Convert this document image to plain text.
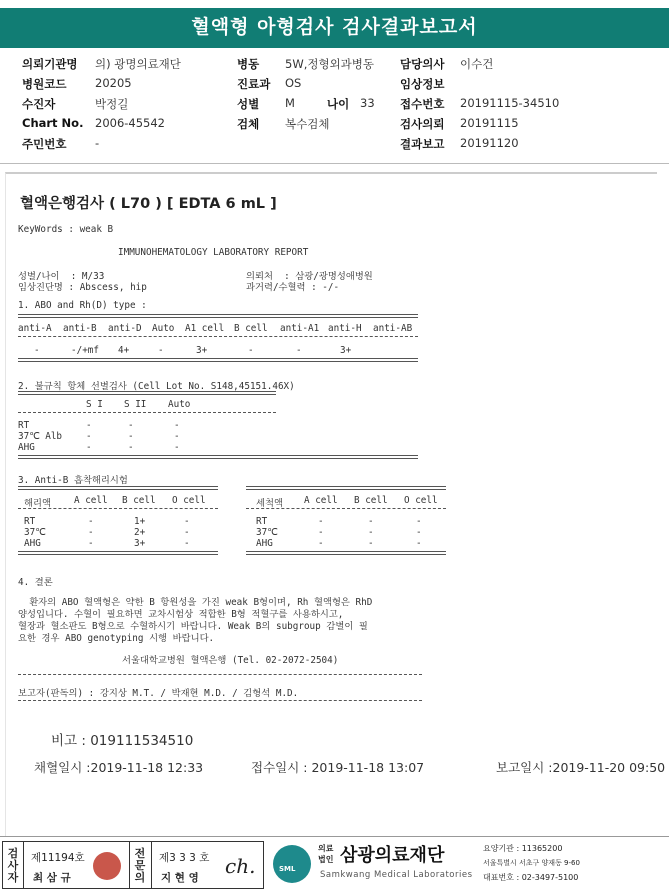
혈액형 아형검사 검사결과보고서
의뢰기관명 의) 광명의료재단
병원코드 20205
수진자	박정길
Chart No. 2006-45542
주민번호 -
병동 5W,정형외과병동
진료과 OS
성별 M	나이 33
검체 복수검체
담당의사 이수건
임상정보
접수번호 20191115-34510
검사의뢰 20191115
결과보고 20191120
혈액은행검사 ( L70 ) [ EDTA 6 mL ]
KeyWords : weak B
IMMUNOHEMATOLOGY LABORATORY REPORT
성별/나이  : M/33
임상진단명 : Abscess, hip
의뢰처  : 삼광/광명성애병원
과거력/수혈력 : -/-
1. ABO and Rh(D) type :
anti-A anti-B anti-D Auto A1 cell B cell anti-A1 anti-H anti-AB
-	-/+mf 4+	-	3+	-	-	3+
2. 불규칙 항체 선별검사 (Cell Lot No. S148,45151.46X)
S I S II Auto
RT	-	-	-
37℃ Alb	-	-	-
AHG	-	-	-
3. Anti-B 흡착해리시험
해리액 A cell B cell O cell
RT	-	1+	-
37℃	-	2+	-
AHG	-	3+	-
세척액 A cell B cell O cell
RT	-	-	-
37℃	-	-	-
AHG	-	-	-
4. 결론
환자의 ABO 혈액형은 약한 B 항원성을 가진 weak B형이며, Rh 혈액형은 RhD
양성입니다. 수혈이 필요하면 교차시험상 적합한 B형 적혈구를 사용하시고,
혈장과 혈소판도 B형으로 수혈하시기 바랍니다. Weak B의 subgroup 감별이 필
요한 경우 ABO genotyping 시행 바랍니다.
서울대학교병원 혈액은행 (Tel. 02-2072-2504)
보고자(판독의) : 강지상 M.T. / 박재현 M.D. / 김형석 M.D.
비고 : 019111534510
채혈일시 :2019-11-18 12:33	접수일시 : 2019-11-18 13:07	보고일시 :2019-11-20 09:50
검사자
제11194호
최 삼 규
전문의
제3 3 3 호
지 현 영 ch.	SML
의료
법인 삼광의료재단
Samkwang Medical Laboratories
요양기관 : 11365200
서울특별시 서초구 양재동 9-60
대표번호 : 02-3497-5100
